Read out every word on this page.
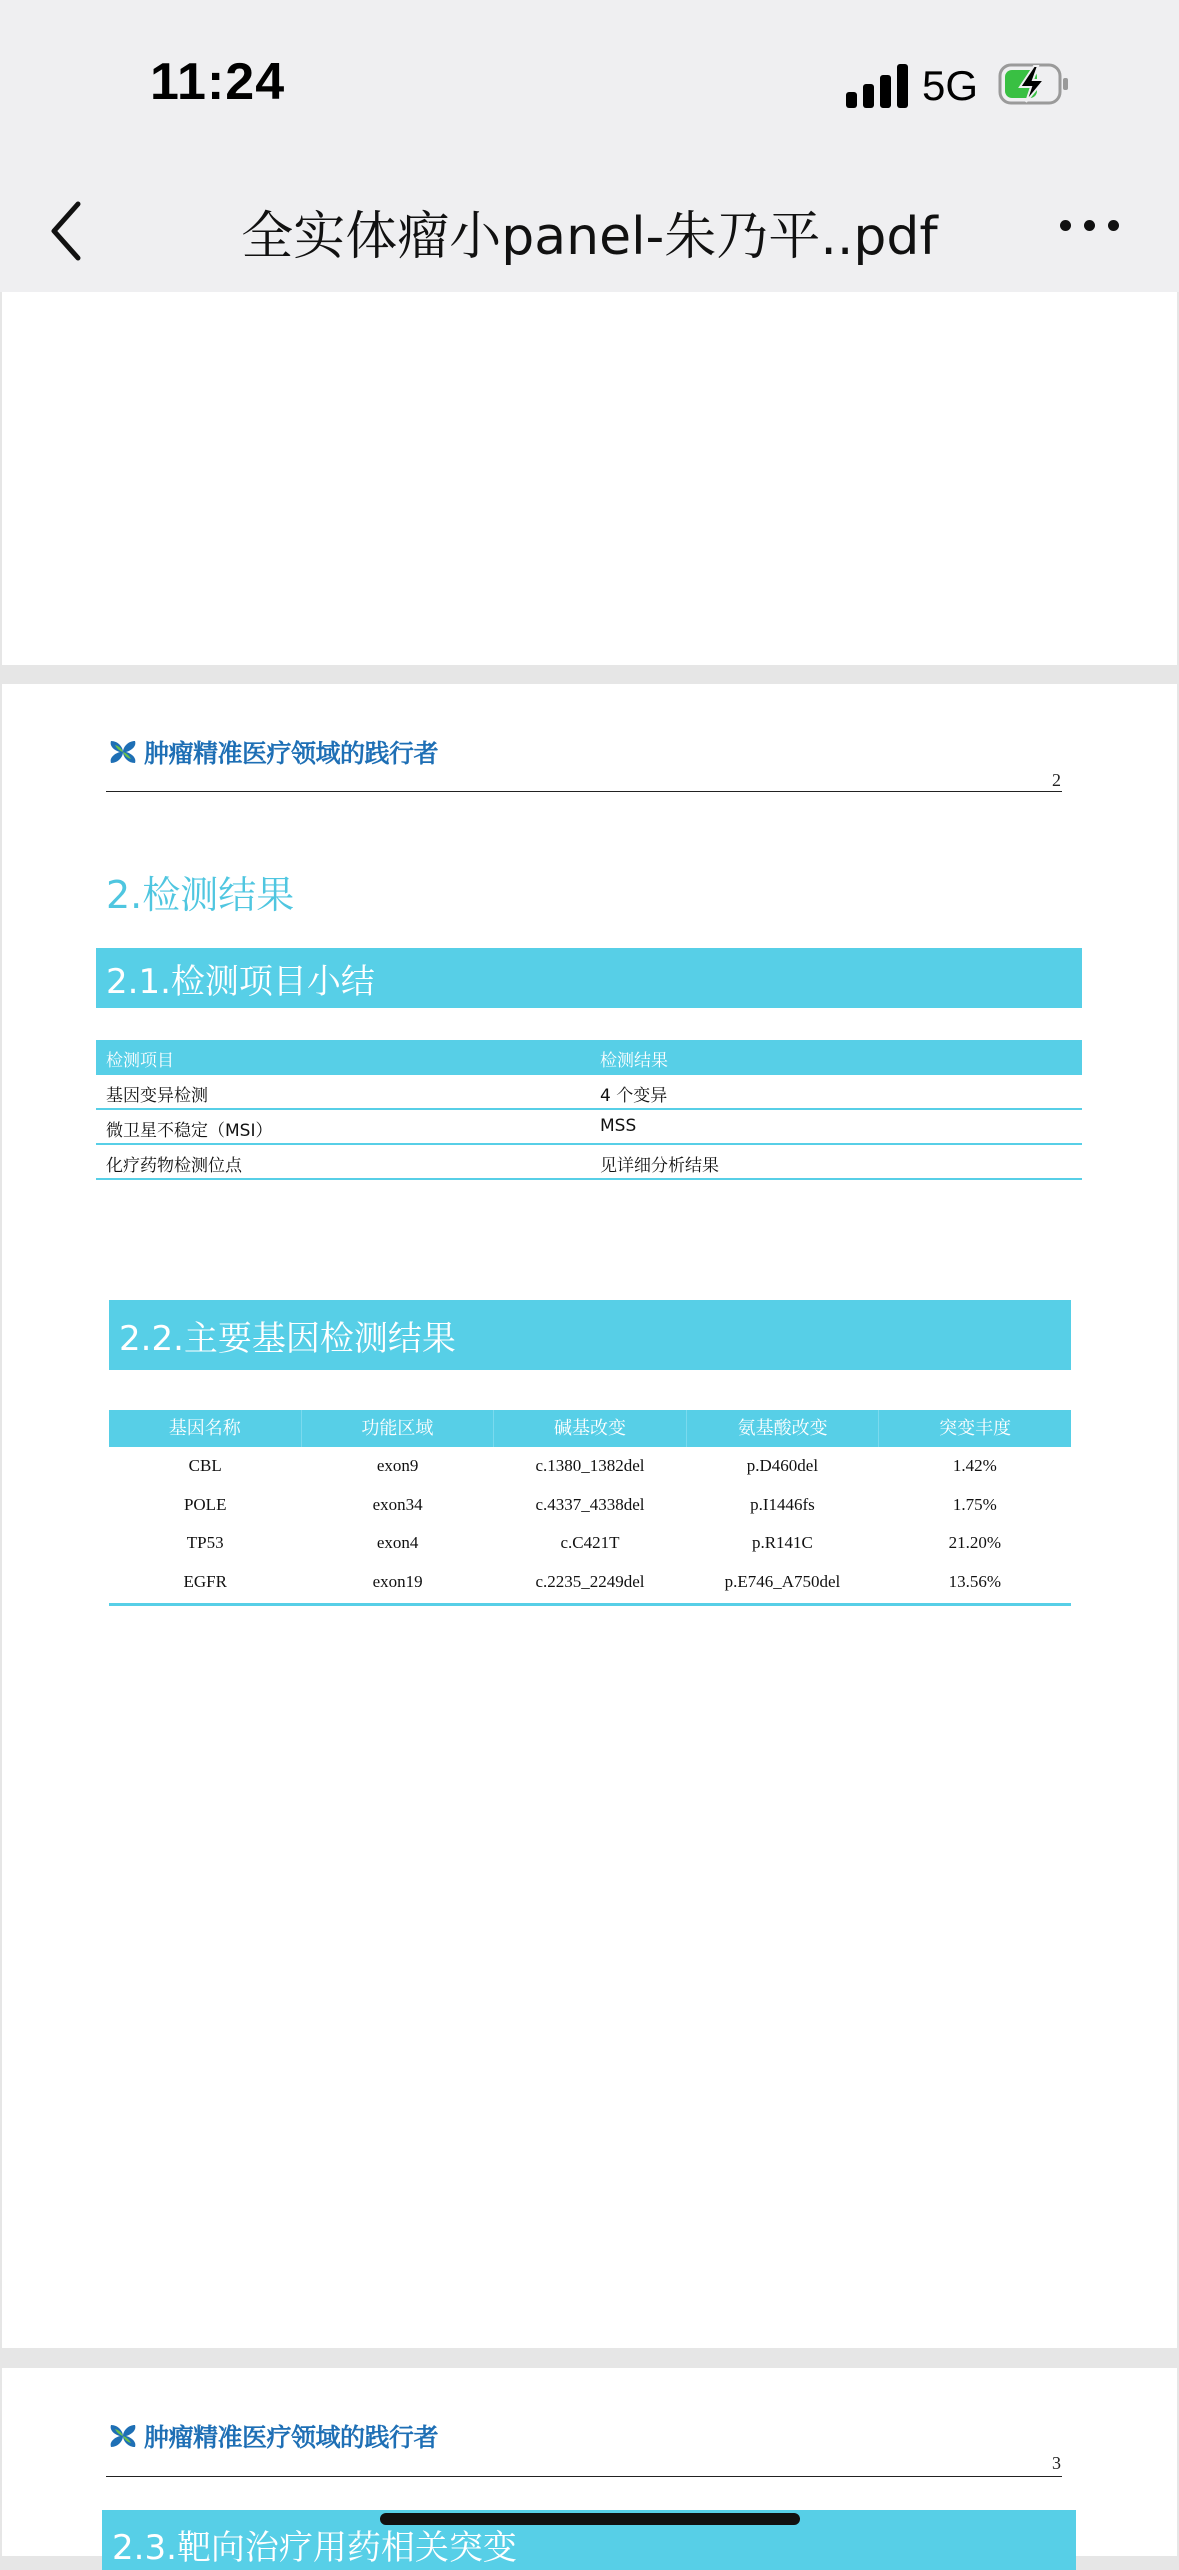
11:24	5G
全实体瘤小panel-朱乃平..pdf
肿瘤精准医疗领域的践行者
2
2.检测结果
2.1.检测项目小结
检测项目	检测结果
基因变异检测	4 个变异
微卫星不稳定（MSI）	MSS
化疗药物检测位点	见详细分析结果
2.2.主要基因检测结果
基因名称	功能区域	碱基改变	氨基酸改变	突变丰度
CBL	exon9	c.1380_1382del	p.D460del	1.42%
POLE	exon34	c.4337_4338del	p.I1446fs	1.75%
TP53	exon4	c.C421T	p.R141C	21.20%
EGFR	exon19	c.2235_2249del	p.E746_A750del	13.56%
肿瘤精准医疗领域的践行者
3
2.3.靶向治疗用药相关突变
